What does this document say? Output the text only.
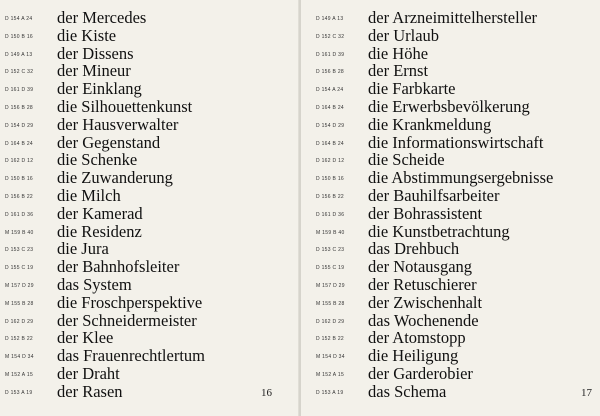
D 154 A 24 der Mercedes
D 150 B 16 die Kiste
D 149 A 13 der Dissens
D 152 C 32 der Mineur
D 161 D 39 der Einklang
D 156 B 28 die Silhouettenkunst
D 154 D 29 der Hausverwalter
D 164 B 24 der Gegenstand
D 162 D 12 die Schenke
D 150 B 16 die Zuwanderung
D 156 B 22 die Milch
D 161 D 36 der Kamerad
M 159 B 40 die Residenz
D 153 C 23 die Jura
D 155 C 19 der Bahnhofsleiter
M 157 D 29 das System
M 155 B 28 die Froschperspektive
D 162 D 29 der Schneidermeister
D 152 B 22 der Klee
M 154 D 34 das Frauenrechtlertum
M 152 A 15 der Draht
D 153 A 19 der Rasen	16
D 149 A 13 der Arzneimittelhersteller
D 152 C 32 der Urlaub
D 161 D 39 die Höhe
D 156 B 28 der Ernst
D 154 A 24 die Farbkarte
D 164 B 24 die Erwerbsbevölkerung
D 154 D 29 die Krankmeldung
D 164 B 24 die Informationswirtschaft
D 162 D 12 die Scheide
D 150 B 16 die Abstimmungsergebnisse
D 156 B 22 der Bauhilfsarbeiter
D 161 D 36 der Bohrassistent
M 159 B 40 die Kunstbetrachtung
D 153 C 23 das Drehbuch
D 155 C 19 der Notausgang
M 157 D 29 der Retuschierer
M 155 B 28 der Zwischenhalt
D 162 D 29 das Wochenende
D 152 B 22 der Atomstopp
M 154 D 34 die Heiligung
M 152 A 15 der Garderobier
D 153 A 19 das Schema	17
